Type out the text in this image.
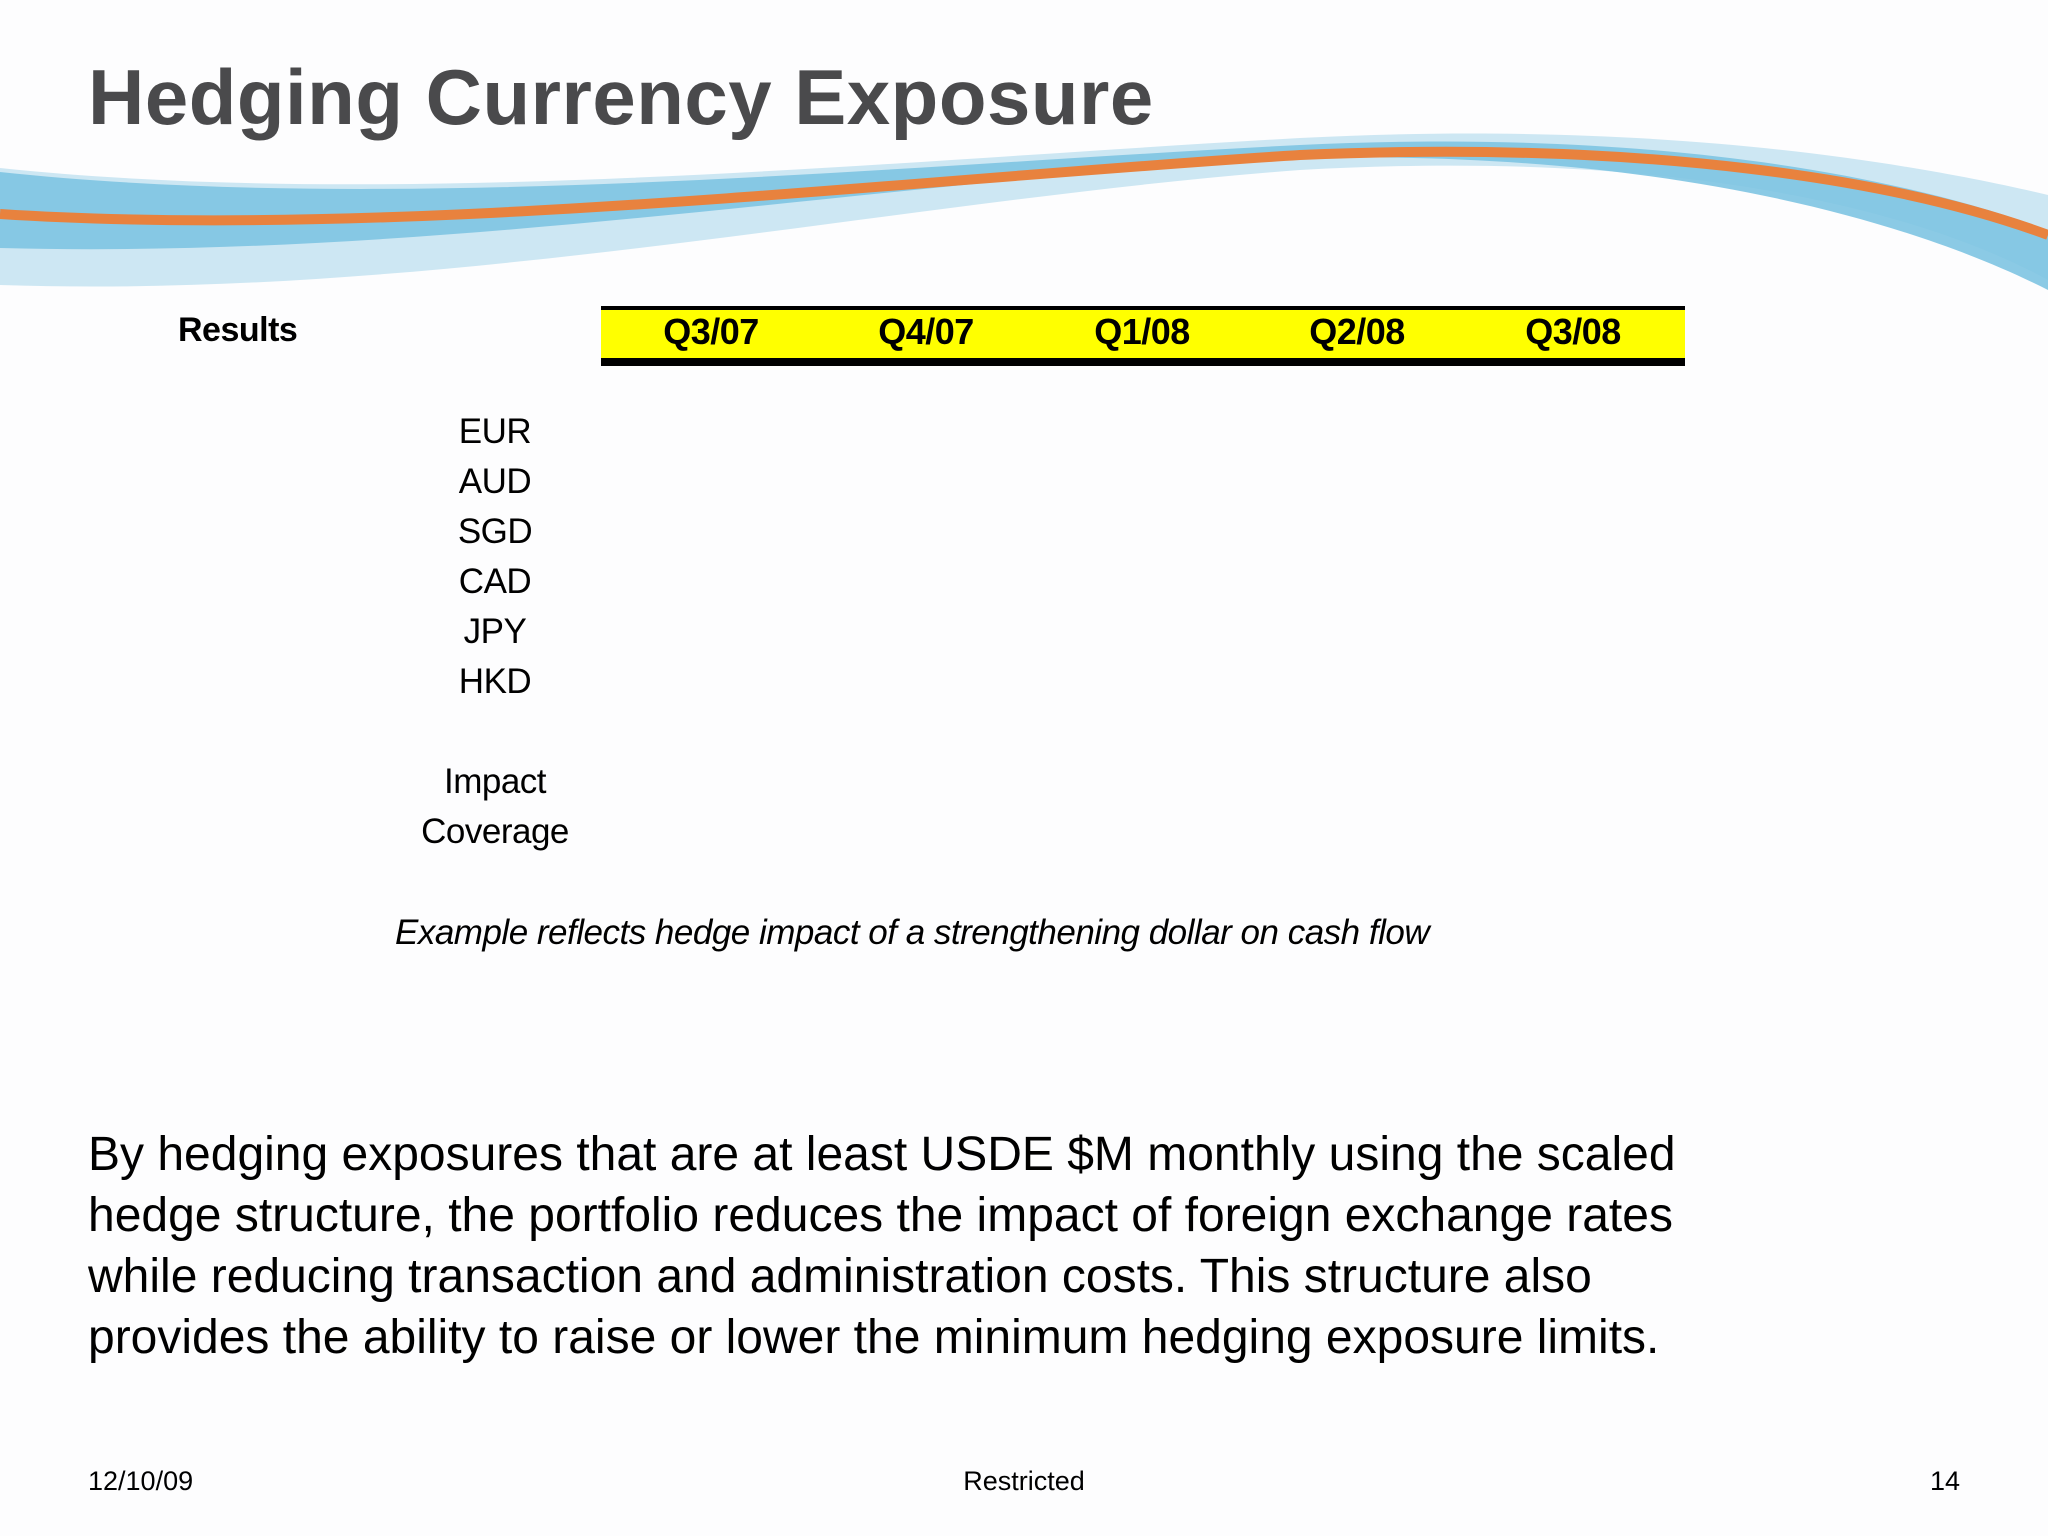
Hedging Currency Exposure
Results	Q3/07	Q4/07	Q1/08	Q2/08	Q3/08
EUR
AUD
SGD
CAD
JPY
HKD
Impact
Coverage
Example reflects hedge impact of a strengthening dollar on cash flow
By hedging exposures that are at least USDE $M monthly using the scaled
hedge structure, the portfolio reduces the impact of foreign exchange rates
while reducing transaction and administration costs. This structure also
provides the ability to raise or lower the minimum hedging exposure limits.
12/10/09	Restricted	14
